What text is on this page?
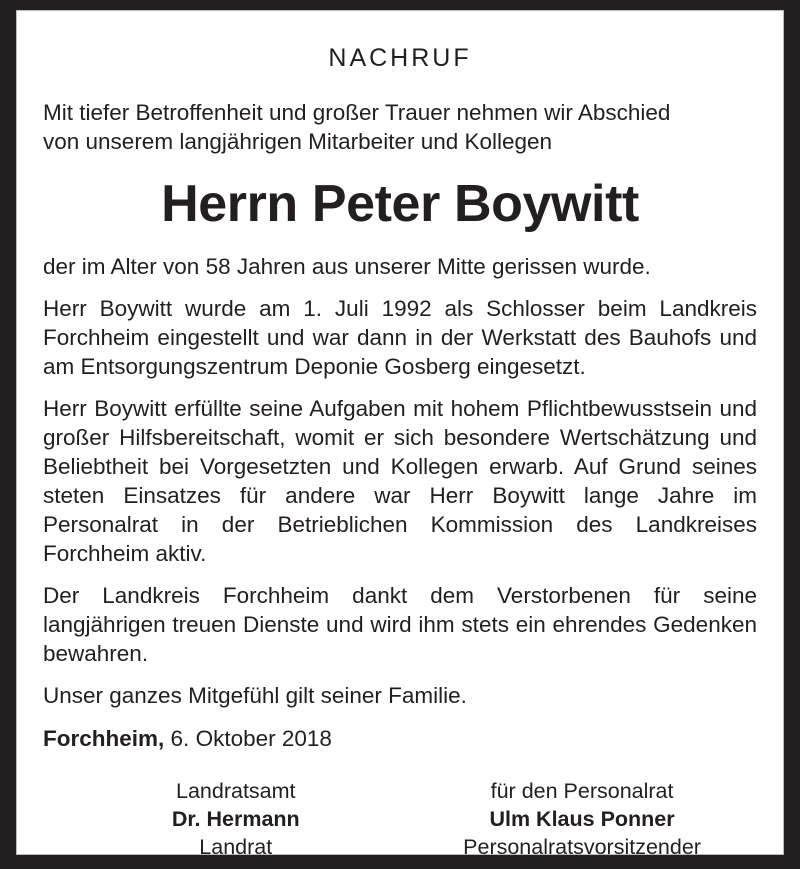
NACHRUF

Mit tiefer Betroffenheit und großer Trauer nehmen wir Abschied

von unserem langjährigen Mitarbeiter und Kollegen

Herrn Peter Boywitt

der im Alter von 58 Jahren aus unserer Mitte gerissen wurde.

Herr Boywitt wurde am 1. Juli 1992 als Schlosser beim Landkreis Forchheim eingestellt und war dann in der Werkstatt des Bauhofs und am Entsorgungszentrum Deponie Gosberg eingesetzt.

Herr Boywitt erfüllte seine Aufgaben mit hohem Pflichtbewusstsein und großer Hilfsbereitschaft, womit er sich besondere Wertschätzung und Beliebtheit bei Vorgesetzten und Kollegen erwarb. Auf Grund seines steten Einsatzes für andere war Herr Boywitt lange Jahre im Personalrat in der Betrieblichen Kommission des Landkreises Forchheim aktiv.

Der Landkreis Forchheim dankt dem Verstorbenen für seine langjährigen treuen Dienste und wird ihm stets ein ehrendes Gedenken bewahren.

Unser ganzes Mitgefühl gilt seiner Familie.

Forchheim, 6. Oktober 2018
Landratsamt
Dr. Hermann
Landrat
für den Personalrat
Ulm Klaus Ponner
Personalratsvorsitzender
